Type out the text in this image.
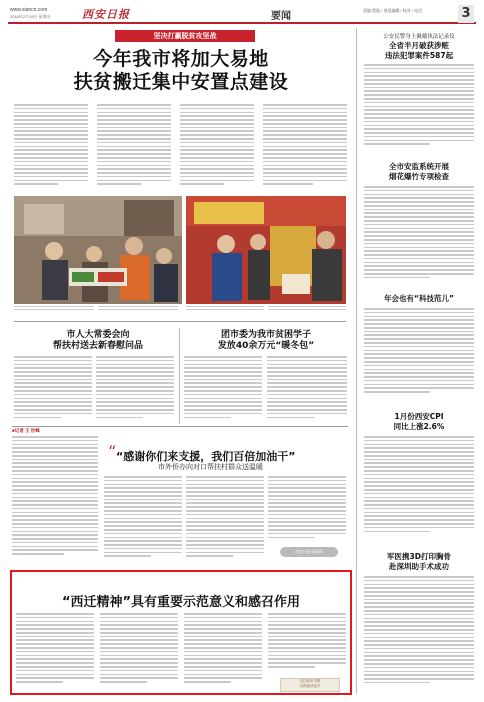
www.xiancn.com
2016年2月19日 星期五	西安日报	要闻
责编 程振 / 视觉编辑 / 校对 / 电话	3
坚决打赢脱贫攻坚战
今年我市将加大易地
扶贫搬迁集中安置点建设
市人大常委会向
帮扶村送去新春慰问品
团市委为我市贫困学子
发放40余万元“暖冬包”
■记者 王 世峰
“ “感谢你们来支援，我们百倍加油干”
市外侨办向对口帮扶村群众送温暖
西安日报新闻网
“西迁精神”具有重要示范意义和感召作用
关注西安日报
扫码阅读更多
公安民警身上佩戴执法记录仪
全省半月破获涉赃
违法犯罪案件587起
全市安监系统开展
烟花爆竹专项检查
年会也有“科技范儿”
1月份西安CPI
同比上涨2.6%
军医携3D打印胸骨
赴深圳助手术成功
